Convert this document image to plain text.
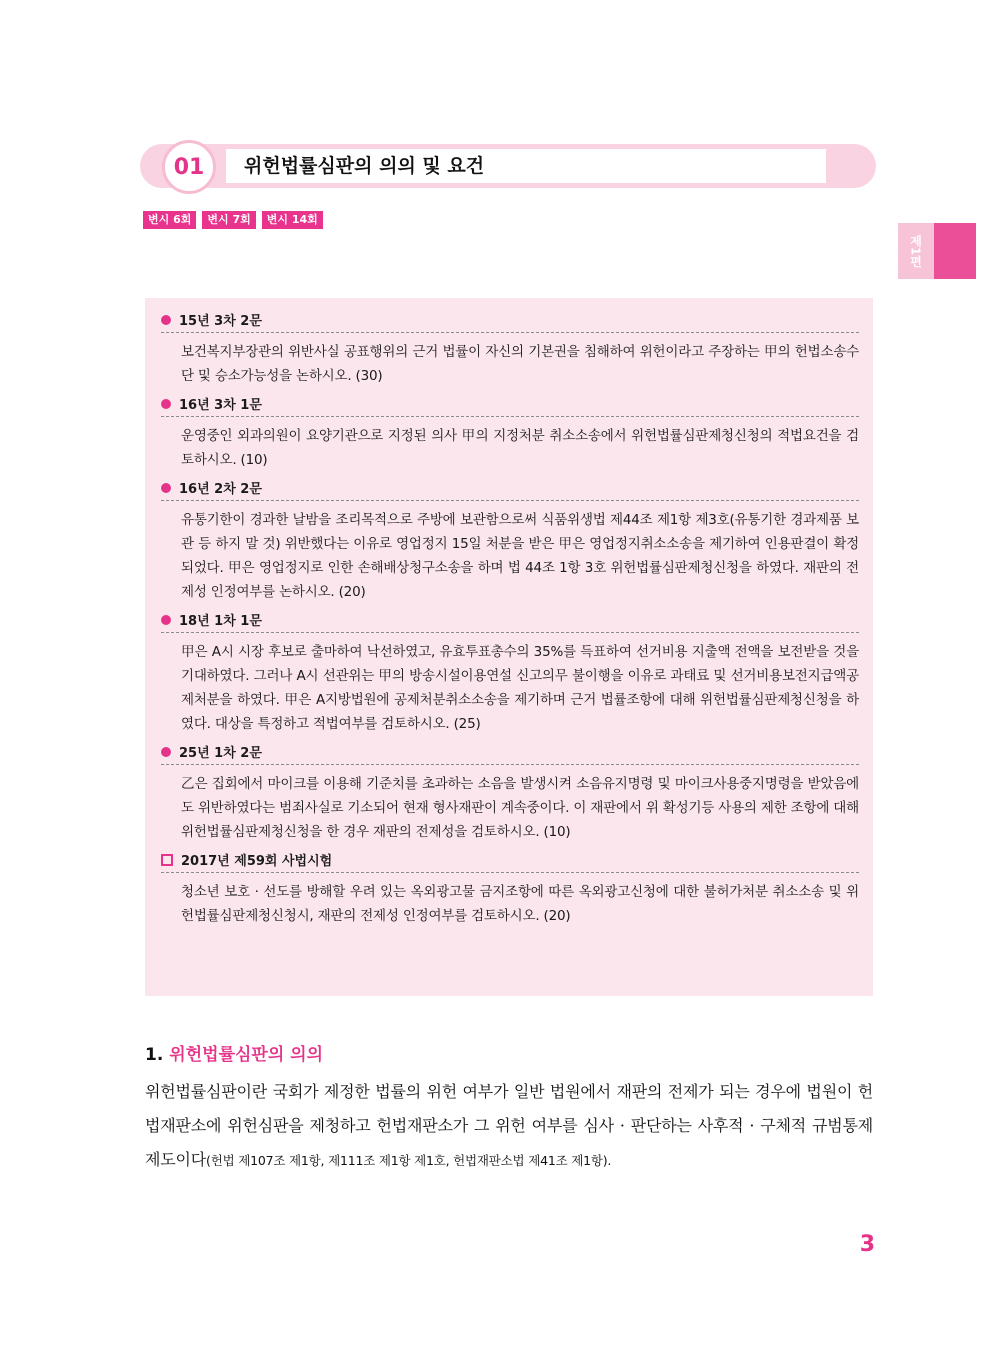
01	위헌법률심판의 의의 및 요건
변시 6회	변시 7회	변시 14회
제1편
15년 3차 2문
보건복지부장관의 위반사실 공표행위의 근거 법률이 자신의 기본권을 침해하여 위헌이라고 주장하는 甲의 헌법소송수단 및 승소가능성을 논하시오. (30)
16년 3차 1문
운영중인 외과의원이 요양기관으로 지정된 의사 甲의 지정처분 취소소송에서 위헌법률심판제청신청의 적법요건을 검토하시오. (10)
16년 2차 2문
유통기한이 경과한 날밤을 조리목적으로 주방에 보관함으로써 식품위생법 제44조 제1항 제3호(유통기한 경과제품 보관 등 하지 말 것) 위반했다는 이유로 영업정지 15일 처분을 받은 甲은 영업정지취소소송을 제기하여 인용판결이 확정되었다. 甲은 영업정지로 인한 손해배상청구소송을 하며 법 44조 1항 3호 위헌법률심판제청신청을 하였다. 재판의 전제성 인정여부를 논하시오. (20)
18년 1차 1문
甲은 A시 시장 후보로 출마하여 낙선하였고, 유효투표총수의 35%를 득표하여 선거비용 지출액 전액을 보전받을 것을 기대하였다. 그러나 A시 선관위는 甲의 방송시설이용연설 신고의무 불이행을 이유로 과태료 및 선거비용보전지급액공제처분을 하였다. 甲은 A지방법원에 공제처분취소소송을 제기하며 근거 법률조항에 대해 위헌법률심판제청신청을 하였다. 대상을 특정하고 적법여부를 검토하시오. (25)
25년 1차 2문
乙은 집회에서 마이크를 이용해 기준치를 초과하는 소음을 발생시켜 소음유지명령 및 마이크사용중지명령을 받았음에도 위반하였다는 범죄사실로 기소되어 현재 형사재판이 계속중이다. 이 재판에서 위 확성기등 사용의 제한 조항에 대해 위헌법률심판제청신청을 한 경우 재판의 전제성을 검토하시오. (10)
2017년 제59회 사법시험
청소년 보호 · 선도를 방해할 우려 있는 옥외광고물 금지조항에 따른 옥외광고신청에 대한 불허가처분 취소소송 및 위헌법률심판제청신청시, 재판의 전제성 인정여부를 검토하시오. (20)
1. 위헌법률심판의 의의
위헌법률심판이란 국회가 제정한 법률의 위헌 여부가 일반 법원에서 재판의 전제가 되는 경우에 법원이 헌법재판소에 위헌심판을 제청하고 헌법재판소가 그 위헌 여부를 심사 · 판단하는 사후적 · 구체적 규범통제제도이다(헌법 제107조 제1항, 제111조 제1항 제1호, 헌법재판소법 제41조 제1항).
3
